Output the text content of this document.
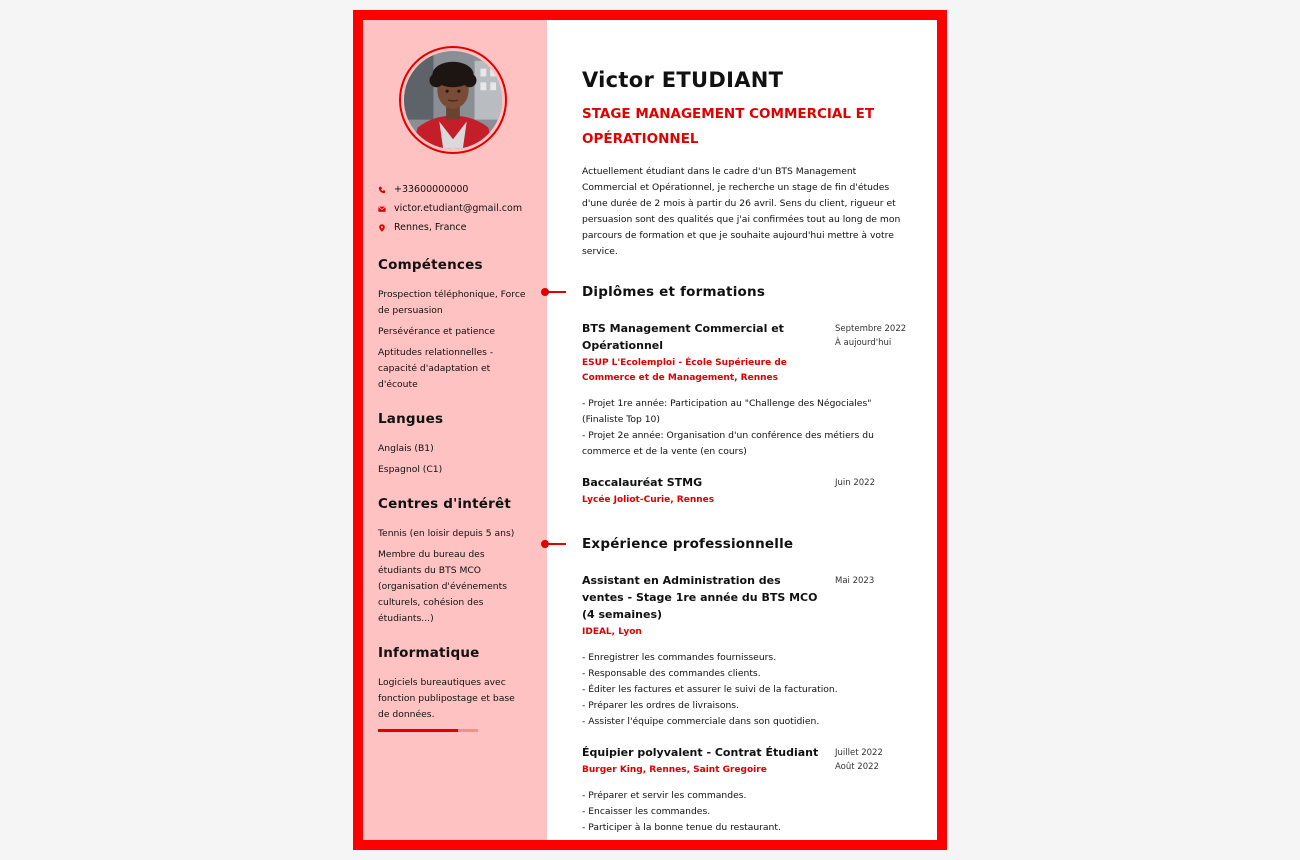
+33600000000
victor.etudiant@gmail.com
Rennes, France
Compétences
Prospection téléphonique, Force de persuasion
Persévérance et patience
Aptitudes relationnelles - capacité d'adaptation et d'écoute
Langues
Anglais (B1)
Espagnol (C1)
Centres d'intérêt
Tennis (en loisir depuis 5 ans)
Membre du bureau des étudiants du BTS MCO (organisation d'événements culturels, cohésion des étudiants...)
Informatique
Logiciels bureautiques avec fonction publipostage et base de données.
Victor ETUDIANT
STAGE MANAGEMENT COMMERCIAL ET
OPÉRATIONNEL

Actuellement étudiant dans le cadre d'un BTS Management Commercial et Opérationnel, je recherche un stage de fin d'études d'une durée de 2 mois à partir du 26 avril. Sens du client, rigueur et persuasion sont des qualités que j'ai confirmées tout au long de mon parcours de formation et que je souhaite aujourd'hui mettre à votre service.

Diplômes et formations
BTS Management Commercial et Opérationnel
ESUP L'Ecolemploi - École Supérieure de Commerce et de Management, Rennes
Septembre 2022
À aujourd'hui
- Projet 1re année: Participation au "Challenge des Négociales" (Finaliste Top 10)
- Projet 2e année: Organisation d'un conférence des métiers du commerce et de la vente (en cours)
Baccalauréat STMG
Lycée Joliot-Curie, Rennes
Juin 2022
Expérience professionnelle
Assistant en Administration des ventes - Stage 1re année du BTS MCO (4 semaines)
IDEAL, Lyon
Mai 2023
- Enregistrer les commandes fournisseurs.
- Responsable des commandes clients.
- Éditer les factures et assurer le suivi de la facturation.
- Préparer les ordres de livraisons.
- Assister l'équipe commerciale dans son quotidien.
Équipier polyvalent - Contrat Étudiant
Burger King, Rennes, Saint Gregoire
Juillet 2022
Août 2022
- Préparer et servir les commandes.
- Encaisser les commandes.
- Participer à la bonne tenue du restaurant.
